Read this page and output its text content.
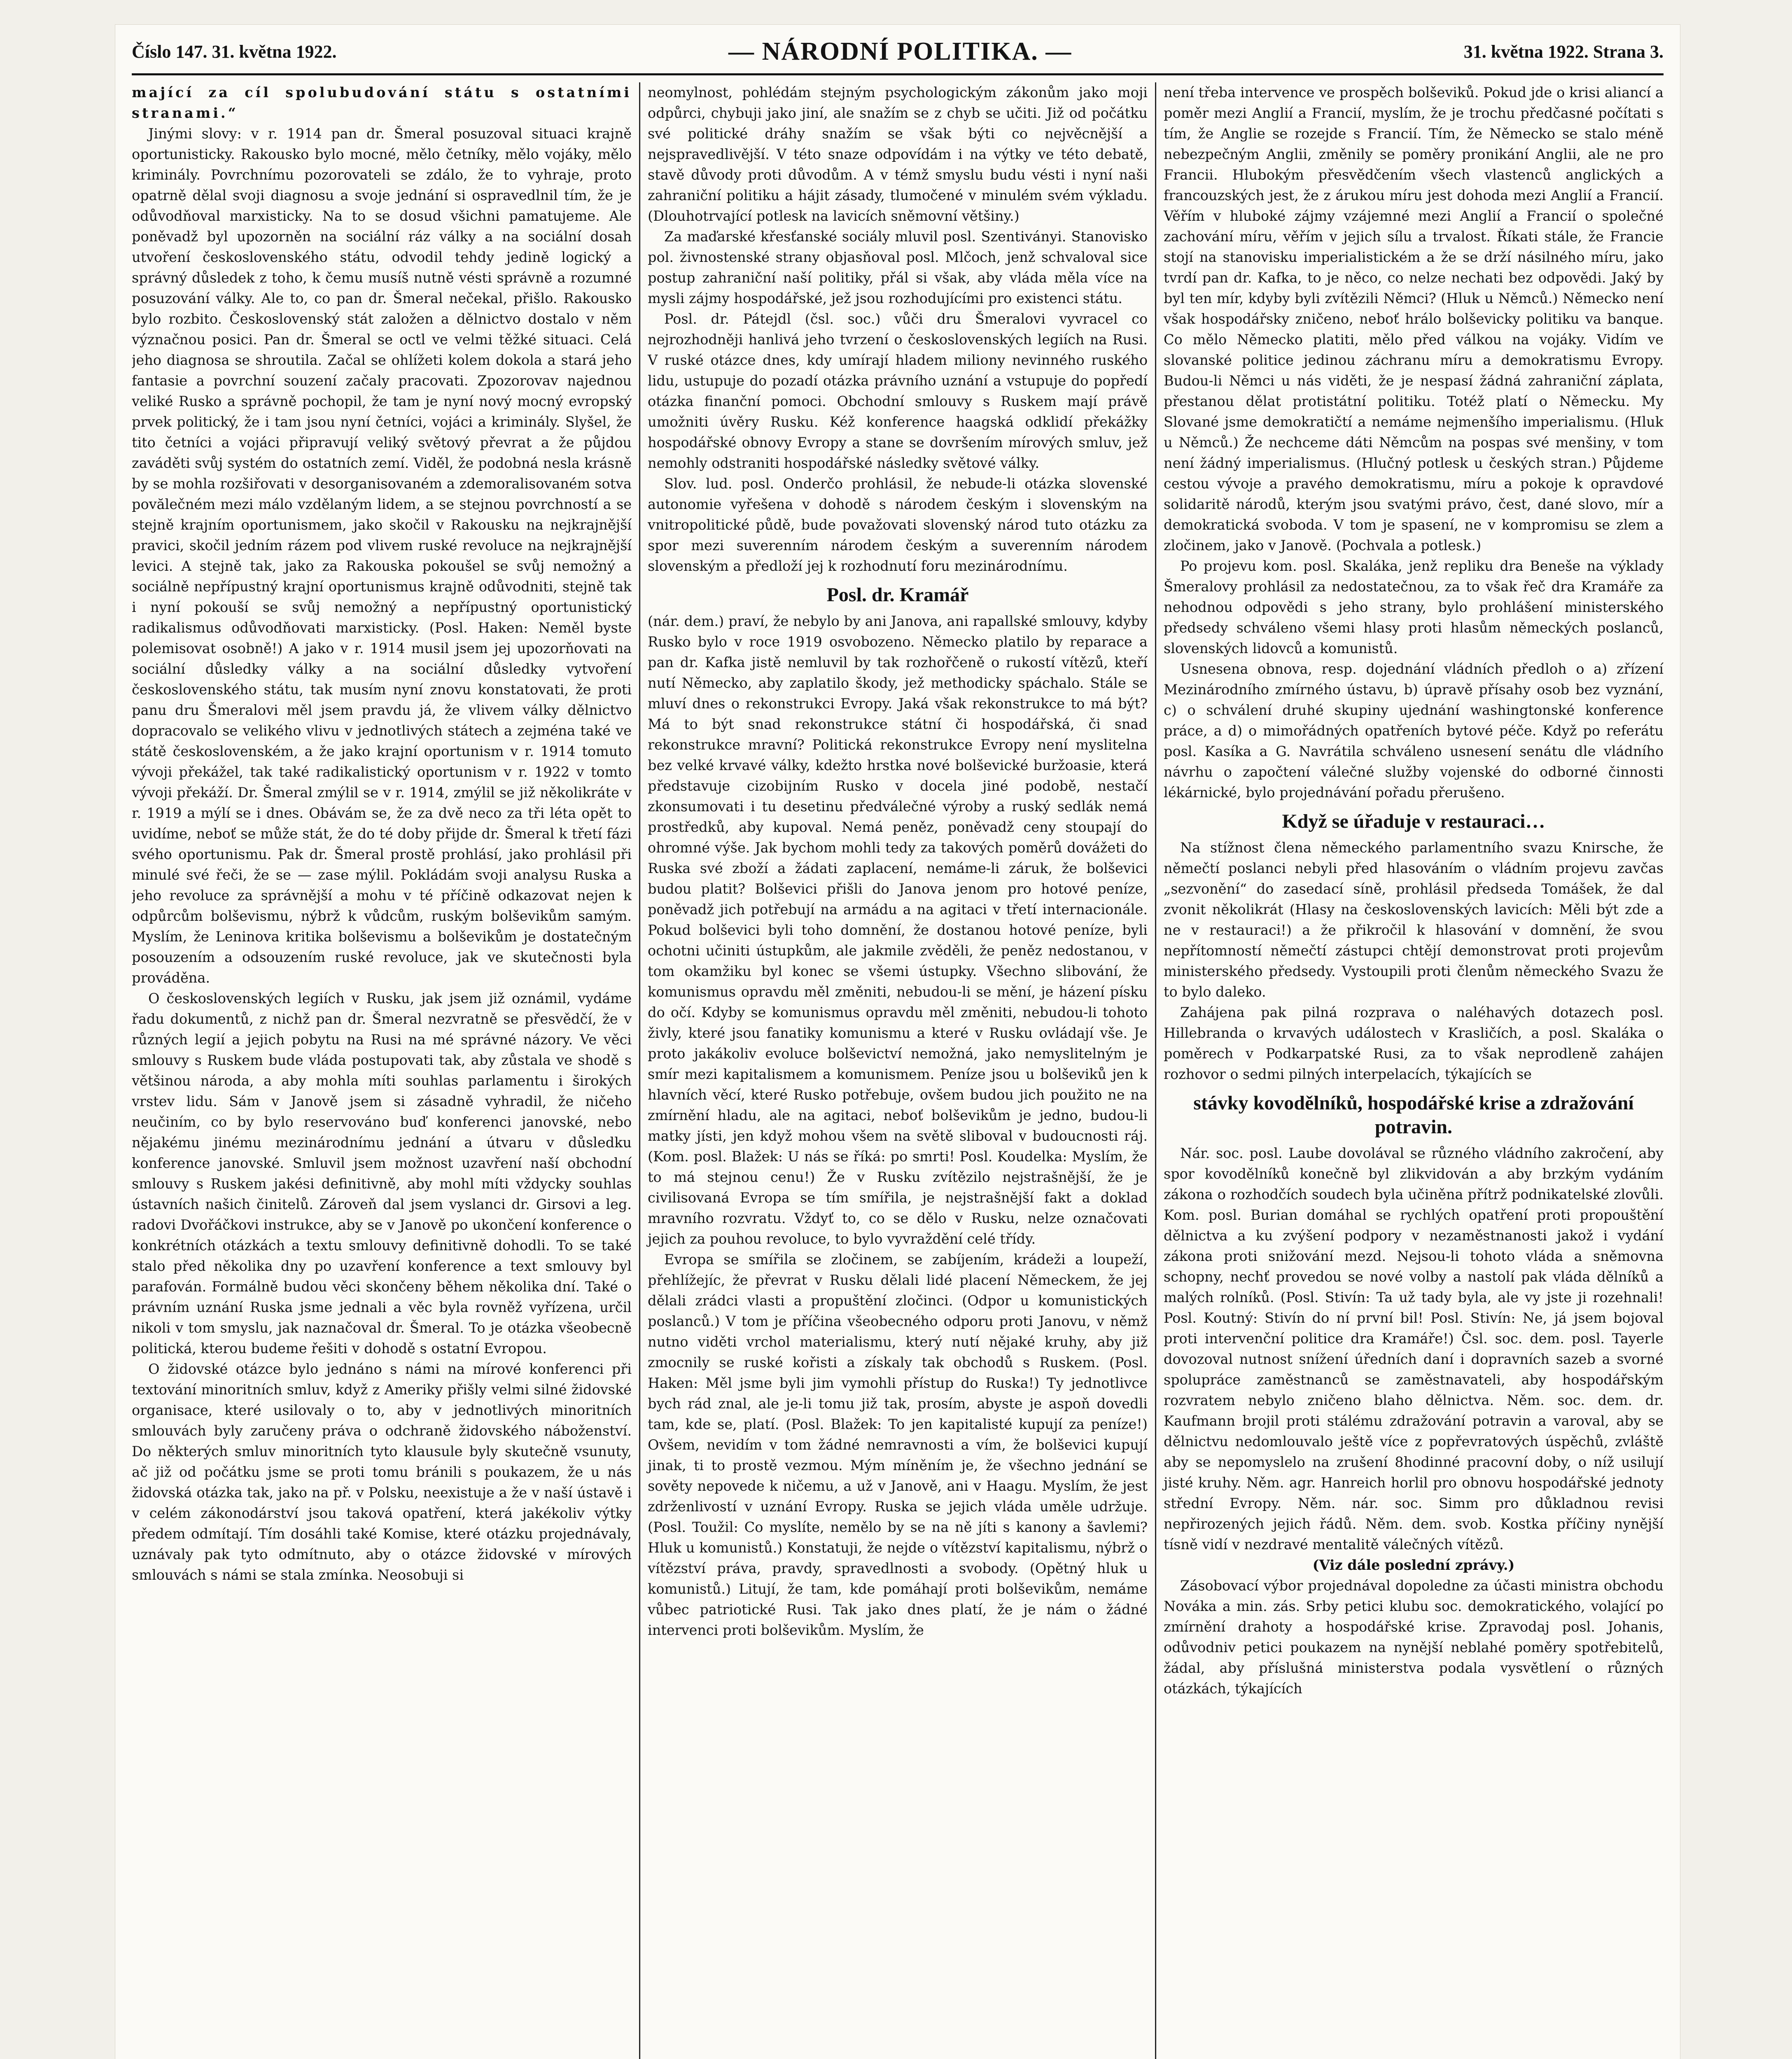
Číslo 147. 31. května 1922.	— NÁRODNÍ POLITIKA. —	31. května 1922. Strana 3.
mající za cíl spolubudování státu s ostatními stranami.“
Jinými slovy: v r. 1914 pan dr. Šmeral posuzoval situaci krajně oportunisticky. Rakousko bylo mocné, mělo četníky, mělo vojáky, mělo kriminály. Povrchnímu pozorovateli se zdálo, že to vyhraje, proto opatrně dělal svoji diagnosu a svoje jednání si ospravedlnil tím, že je odůvodňoval marxisticky. Na to se dosud všichni pamatujeme. Ale poněvadž byl upozorněn na sociální ráz války a na sociální dosah utvoření československého státu, odvodil tehdy jedině logický a správný důsledek z toho, k čemu musíš nutně vésti správně a rozumné posuzování války. Ale to, co pan dr. Šmeral nečekal, přišlo. Rakousko bylo rozbito. Československý stát založen a dělnictvo dostalo v něm význačnou posici. Pan dr. Šmeral se octl ve velmi těžké situaci. Celá jeho diagnosa se shroutila. Začal se ohlížeti kolem dokola a stará jeho fantasie a povrchní souzení začaly pracovati. Zpozorovav najednou veliké Rusko a správně pochopil, že tam je nyní nový mocný evropský prvek politický, že i tam jsou nyní četníci, vojáci a kriminály. Slyšel, že tito četníci a vojáci připravují veliký světový převrat a že půjdou zaváděti svůj systém do ostatních zemí. Viděl, že podobná nesla krásně by se mohla rozšiřovati v desorganisovaném a zdemoralisovaném sotva povălečném mezi málo vzdělaným lidem, a se stejnou povrchností a se stejně krajním oportunismem, jako skočil v Rakousku na nejkrajnější pravici, skočil jedním rázem pod vlivem ruské revoluce na nejkrajnější levici. A stejně tak, jako za Rakouska pokoušel se svůj nemožný a sociálně nepřípustný krajní oportunismus krajně odůvodniti, stejně tak i nyní pokouší se svůj nemožný a nepřípustný oportunistický radikalismus odůvodňovati marxisticky. (Posl. Haken: Neměl byste polemisovat osobně!) A jako v r. 1914 musil jsem jej upozorňovati na sociální důsledky války a na sociální důsledky vytvoření československého státu, tak musím nyní znovu konstatovati, že proti panu dru Šmeralovi měl jsem pravdu já, že vlivem války dělnictvo dopracovalo se velikého vlivu v jednotlivých státech a zejména také ve státě československém, a že jako krajní oportunism v r. 1914 tomuto vývoji překážel, tak také radikalistický oportunism v r. 1922 v tomto vývoji překáží. Dr. Šmeral zmýlil se v r. 1914, zmýlil se již několikráte v r. 1919 a mýlí se i dnes. Obávám se, že za dvě neco za tři léta opět to uvidíme, neboť se může stát, že do té doby přijde dr. Šmeral k třetí fázi svého oportunismu. Pak dr. Šmeral prostě prohlásí, jako prohlásil při minulé své řeči, že se — zase mýlil. Pokládám svoji analysu Ruska a jeho revoluce za správnější a mohu v té příčině odkazovat nejen k odpůrcům bolševismu, nýbrž k vůdcům, ruským bolševikům samým. Myslím, že Leninova kritika bolševismu a bolševikům je dostatečným posouzením a odsouzením ruské revoluce, jak ve skutečnosti byla prováděna.
O československých legiích v Rusku, jak jsem již oznámil, vydáme řadu dokumentů, z nichž pan dr. Šmeral nezvratně se přesvědčí, že v různých legií a jejich pobytu na Rusi na mé správné názory. Ve věci smlouvy s Ruskem bude vláda postupovati tak, aby zůstala ve shodě s většinou národa, a aby mohla míti souhlas parlamentu i širokých vrstev lidu. Sám v Janově jsem si zásadně vyhradil, že ničeho neučiním, co by bylo reservováno buď konferenci janovské, nebo nějakému jinému mezinárodnímu jednání a útvaru v důsledku konference janovské. Smluvil jsem možnost uzavření naší obchodní smlouvy s Ruskem jakési definitivně, aby mohl míti vždycky souhlas ústavních našich činitelů. Zároveň dal jsem vyslanci dr. Girsovi a leg. radovi Dvořáčkovi instrukce, aby se v Janově po ukončení konference o konkrétních otázkách a textu smlouvy definitivně dohodli. To se také stalo před několika dny po uzavření konference a text smlouvy byl parafován. Formálně budou věci skončeny během několika dní. Také o právním uznání Ruska jsme jednali a věc byla rovněž vyřízena, určil nikoli v tom smyslu, jak naznačoval dr. Šmeral. To je otázka všeobecně politická, kterou budeme řešiti v dohodě s ostatní Evropou.
O židovské otázce bylo jednáno s námi na mírové konferenci při textování minoritních smluv, když z Ameriky přišly velmi silné židovské organisace, které usilovaly o to, aby v jednotlivých minoritních smlouvách byly zaručeny práva o odchraně židovského náboženství. Do některých smluv minoritních tyto klausule byly skutečně vsunuty, ač již od počátku jsme se proti tomu bránili s poukazem, že u nás židovská otázka tak, jako na př. v Polsku, neexistuje a že v naší ústavě i v celém zákonodárství jsou taková opatření, která jakékoliv výtky předem odmítají. Tím dosáhli také Komise, které otázku projednávaly, uznávaly pak tyto odmítnuto, aby o otázce židovské v mírových smlouvách s námi se stala zmínka. Neosobuji si
neomylnost, pohlédám stejným psychologickým zákonům jako moji odpůrci, chybuji jako jiní, ale snažím se z chyb se učiti. Již od počátku své politické dráhy snažím se však býti co nejvěcnější a nejspravedlivější. V této snaze odpovídám i na výtky ve této debatě, stavě důvody proti důvodům. A v témž smyslu budu vésti i nyní naši zahraniční politiku a hájit zásady, tlumočené v minulém svém výkladu. (Dlouhotrvající potlesk na lavicích sněmovní většiny.)
Za maďarské křesťanské sociály mluvil posl. Szentiványi. Stanovisko pol. živnostenské strany objasňoval posl. Mlčoch, jenž schvaloval sice postup zahraniční naší politiky, přál si však, aby vláda měla více na mysli zájmy hospodářské, jež jsou rozhodujícími pro existenci státu.
Posl. dr. Pátejdl (čsl. soc.) vůči dru Šmeralovi vyvracel co nejrozhodněji hanlivá jeho tvrzení o československých legiích na Rusi. V ruské otázce dnes, kdy umírají hladem miliony nevinného ruského lidu, ustupuje do pozadí otázka právního uznání a vstupuje do popředí otázka finanční pomoci. Obchodní smlouvy s Ruskem mají právě umožniti úvěry Rusku. Kéž konference haagská odklidí překážky hospodářské obnovy Evropy a stane se dovršením mírových smluv, jež nemohly odstraniti hospodářské následky světové války.
Slov. lud. posl. Onderčo prohlásil, že nebude-li otázka slovenské autonomie vyřešena v dohodě s národem českým i slovenským na vnitropolitické půdě, bude považovati slovenský národ tuto otázku za spor mezi suverenním národem českým a suverenním národem slovenským a předloží jej k rozhodnutí foru mezinárodnímu.
Posl. dr. Kramář
(nár. dem.) praví, že nebylo by ani Janova, ani rapallské smlouvy, kdyby Rusko bylo v roce 1919 osvobozeno. Německo platilo by reparace a pan dr. Kafka jistě nemluvil by tak rozhořčeně o rukostí vítězů, kteří nutí Německo, aby zaplatilo škody, jež methodicky spáchalo. Stále se mluví dnes o rekonstrukci Evropy. Jaká však rekonstrukce to má být? Má to být snad rekonstrukce státní či hospodářská, či snad rekonstrukce mravní? Politická rekonstrukce Evropy není myslitelna bez velké krvavé války, kdežto hrstka nové bolševické buržoasie, která představuje cizobijním Rusko v docela jiné podobě, nestačí zkonsumovati i tu desetinu předválečné výroby a ruský sedlák nemá prostředků, aby kupoval. Nemá peněz, poněvadž ceny stoupají do ohromné výše. Jak bychom mohli tedy za takových poměrů dovážeti do Ruska své zboží a žádati zaplacení, nemáme-li záruk, že bolševici budou platit? Bolševici přišli do Janova jenom pro hotové peníze, poněvadž jich potřebují na armádu a na agitaci v třetí internacionále. Pokud bolševici byli toho domnění, že dostanou hotové peníze, byli ochotni učiniti ústupkům, ale jakmile zvěděli, že peněz nedostanou, v tom okamžiku byl konec se všemi ústupky. Všechno slibování, že komunismus opravdu měl změniti, nebudou-li se mění, je házení písku do očí. Kdyby se komunismus opravdu měl změniti, nebudou-li tohoto živly, které jsou fanatiky komunismu a které v Rusku ovládají vše. Je proto jakákoliv evoluce bolševictví nemožná, jako nemyslitelným je smír mezi kapitalismem a komunismem. Peníze jsou u bolševiků jen k hlavních věcí, které Rusko potřebuje, ovšem budou jich použito ne na zmírnění hladu, ale na agitaci, neboť bolševikům je jedno, budou-li matky jísti, jen když mohou všem na světě sliboval v budoucnosti ráj. (Kom. posl. Blažek: U nás se říká: po smrti! Posl. Koudelka: Myslím, že to má stejnou cenu!) Že v Rusku zvítězilo nejstrašnější, že je civilisovaná Evropa se tím smířila, je nejstrašnější fakt a doklad mravního rozvratu. Vždyť to, co se dělo v Rusku, nelze označovati jejich za pouhou revoluce, to bylo vyvraždění celé třídy.
Evropa se smířila se zločinem, se zabíjením, krádeži a loupeží, přehlížejíc, že převrat v Rusku dělali lidé placení Německem, že jej dělali zrádci vlasti a propuštění zločinci. (Odpor u komunistických poslanců.) V tom je příčina všeobecného odporu proti Janovu, v němž nutno viděti vrchol materialismu, který nutí nějaké kruhy, aby již zmocnily se ruské kořisti a získaly tak obchodů s Ruskem. (Posl. Haken: Měl jsme byli jim vymohli přístup do Ruska!) Ty jednotlivce bych rád znal, ale je-li tomu již tak, prosím, abyste je aspoň dovedli tam, kde se, platí. (Posl. Blažek: To jen kapitalisté kupují za peníze!) Ovšem, nevidím v tom žádné nemravnosti a vím, že bolševici kupují jinak, ti to prostě vezmou. Mým míněním je, že všechno jednání se sověty nepovede k ničemu, a už v Janově, ani v Haagu. Myslím, že jest zdrženlivostí v uznání Evropy. Ruska se jejich vláda uměle udržuje. (Posl. Toužil: Co myslíte, nemělo by se na ně jíti s kanony a šavlemi? Hluk u komunistů.) Konstatuji, že nejde o vítězství kapitalismu, nýbrž o vítězství práva, pravdy, spravedlnosti a svobody. (Opětný hluk u komunistů.) Litují, že tam, kde pomáhají proti bolševikům, nemáme vůbec patriotické Rusi. Tak jako dnes platí, že je nám o žádné intervenci proti bolševikům. Myslím, že
není třeba intervence ve prospěch bolševiků. Pokud jde o krisi aliancí a poměr mezi Anglií a Francií, myslím, že je trochu předčasné počítati s tím, že Anglie se rozejde s Francií. Tím, že Německo se stalo méně nebezpečným Anglii, změnily se poměry pronikání Anglii, ale ne pro Francii. Hlubokým přesvědčením všech vlastenců anglických a francouzských jest, že z árukou míru jest dohoda mezi Anglií a Francií. Věřím v hluboké zájmy vzájemné mezi Anglií a Francií o společné zachování míru, věřím v jejich sílu a trvalost. Říkati stále, že Francie stojí na stanovisku imperialistickém a že se drží násilného míru, jako tvrdí pan dr. Kafka, to je něco, co nelze nechati bez odpovědi. Jaký by byl ten mír, kdyby byli zvítězili Němci? (Hluk u Němců.) Německo není však hospodářsky zničeno, neboť hrálo bolševicky politiku va banque. Co mělo Německo platiti, mělo před válkou na vojáky. Vidím ve slovanské politice jedinou záchranu míru a demokratismu Evropy. Budou-li Němci u nás viděti, že je nespasí žádná zahraniční záplata, přestanou dělat protistátní politiku. Totéž platí o Německu. My Slované jsme demokratičtí a nemáme nejmenšího imperialismu. (Hluk u Němců.) Že nechceme dáti Němcům na pospas své menšiny, v tom není žádný imperialismus. (Hlučný potlesk u českých stran.) Půjdeme cestou vývoje a pravého demokratismu, míru a pokoje k opravdové solidaritě národů, kterým jsou svatými právo, čest, dané slovo, mír a demokratická svoboda. V tom je spasení, ne v kompromisu se zlem a zločinem, jako v Janově. (Pochvala a potlesk.)
Po projevu kom. posl. Skaláka, jenž repliku dra Beneše na výklady Šmeralovy prohlásil za nedostatečnou, za to však řeč dra Kramáře za nehodnou odpovědi s jeho strany, bylo prohlášení ministerského předsedy schváleno všemi hlasy proti hlasům německých poslanců, slovenských lidovců a komunistů.
Usnesena obnova, resp. dojednání vládních předloh o a) zřízení Mezinárodního zmírného ústavu, b) úpravě přísahy osob bez vyznání, c) o schválení druhé skupiny ujednání washingtonské konference práce, a d) o mimořádných opatřeních bytové péče. Když po referátu posl. Kasíka a G. Navrátila schváleno usnesení senátu dle vládního návrhu o započtení válečné služby vojenské do odborné činnosti lékárnické, bylo projednávání pořadu přerušeno.
Když se úřaduje v restauraci…
Na stížnost člena německého parlamentního svazu Knirsche, že němečtí poslanci nebyli před hlasováním o vládním projevu zavčas „sezvonění“ do zasedací síně, prohlásil předseda Tomášek, že dal zvonit několikrát (Hlasy na československých lavicích: Měli být zde a ne v restauraci!) a že přikročil k hlasování v domnění, že svou nepřítomností němečtí zástupci chtějí demonstrovat proti projevům ministerského předsedy. Vystoupili proti členům německého Svazu že to bylo daleko.
Zahájena pak pilná rozprava o naléhavých dotazech posl. Hillebranda o krvavých událostech v Krasličích, a posl. Skaláka o poměrech v Podkarpatské Rusi, za to však neprodleně zahájen rozhovor o sedmi pilných interpelacích, týkajících se
stávky kovodělníků, hospodářské krise a zdražování potravin.
Nár. soc. posl. Laube dovolával se různého vládního zakročení, aby spor kovodělníků konečně byl zlikvidován a aby brzkým vydáním zákona o rozhodčích soudech byla učiněna přítrž podnikatelské zlovůli. Kom. posl. Burian domáhal se rychlých opatření proti propouštění dělnictva a ku zvýšení podpory v nezaměstnanosti jakož i vydání zákona proti snižování mezd. Nejsou-li tohoto vláda a sněmovna schopny, nechť provedou se nové volby a nastolí pak vláda dělníků a malých rolníků. (Posl. Stivín: Ta už tady byla, ale vy jste ji rozehnali! Posl. Koutný: Stivín do ní první bil! Posl. Stivín: Ne, já jsem bojoval proti intervenční politice dra Kramáře!) Čsl. soc. dem. posl. Tayerle dovozoval nutnost snížení úředních daní i dopravních sazeb a svorné spolupráce zaměstnanců se zaměstnavateli, aby hospodářským rozvratem nebylo zničeno blaho dělnictva. Něm. soc. dem. dr. Kaufmann brojil proti stálému zdražování potravin a varoval, aby se dělnictvu nedomlouvalo ještě více z popřevratových úspěchů, zvláště aby se nepomyslelo na zrušení 8hodinné pracovní doby, o níž usilují jisté kruhy. Něm. agr. Hanreich horlil pro obnovu hospodářské jednoty střední Evropy. Něm. nár. soc. Simm pro důkladnou revisi nepřirozených jejich řádů. Něm. dem. svob. Kostka příčiny nynější tísně vidí v nezdravé mentalitě válečných vítězů.
(Viz dále poslední zprávy.)
Zásobovací výbor projednával dopoledne za účasti ministra obchodu Nováka a min. zás. Srby petici klubu soc. demokratického, volající po zmírnění drahoty a hospodářské krise. Zpravodaj posl. Johanis, odůvodniv petici poukazem na nynější neblahé poměry spotřebitelů, žádal, aby příslušná ministerstva podala vysvětlení o různých otázkách, týkajících
